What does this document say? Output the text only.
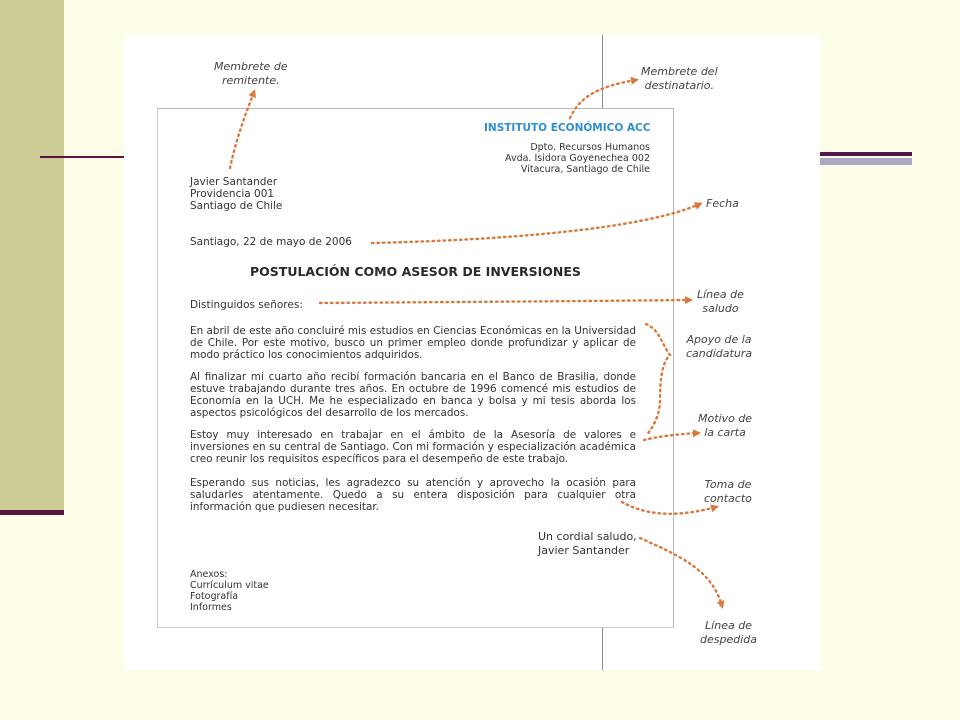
Javier Santander
Providencia 001
Santiago de Chile

INSTITUTO ECONÓMICO ACC

Dpto. Recursos Humanos
Avda. Isidora Goyenechea 002
Vitacura, Santiago de Chile

Santiago, 22 de mayo de 2006

POSTULACIÓN COMO ASESOR DE INVERSIONES

Distinguidos señores:

En abril de este año concluiré mis estudios en Ciencias Económicas en la Universidad de Chile. Por este motivo, busco un primer empleo donde profundizar y aplicar de modo práctico los conocimientos adquiridos.

Al finalizar mi cuarto año recibí formación bancaria en el Banco de Brasilia, donde estuve trabajando durante tres años. En octubre de 1996 comencé mis estudios de Economía en la UCH. Me he especializado en banca y bolsa y mi tesis aborda los aspectos psicológicos del desarrollo de los mercados.

Estoy muy interesado en trabajar en el ámbito de la Asesoría de valores e inversiones en su central de Santiago. Con mi formación y especialización académica creo reunir los requisitos específicos para el desempeño de este trabajo.

Esperando sus noticias, les agradezco su atención y aprovecho la ocasión para saludarles atentamente. Quedo a su entera disposición para cualquier otra información que pudiesen necesitar.

Un cordial saludo,
Javier Santander
Anexos:
Currículum vitae
Fotografía
Informes
Membrete de
remitente.
Membrete del
destinatario.
Fecha
Línea de
saludo
Apoyo de la
candidatura
Motivo de
la carta
Toma de
contacto
Línea de
despedida
